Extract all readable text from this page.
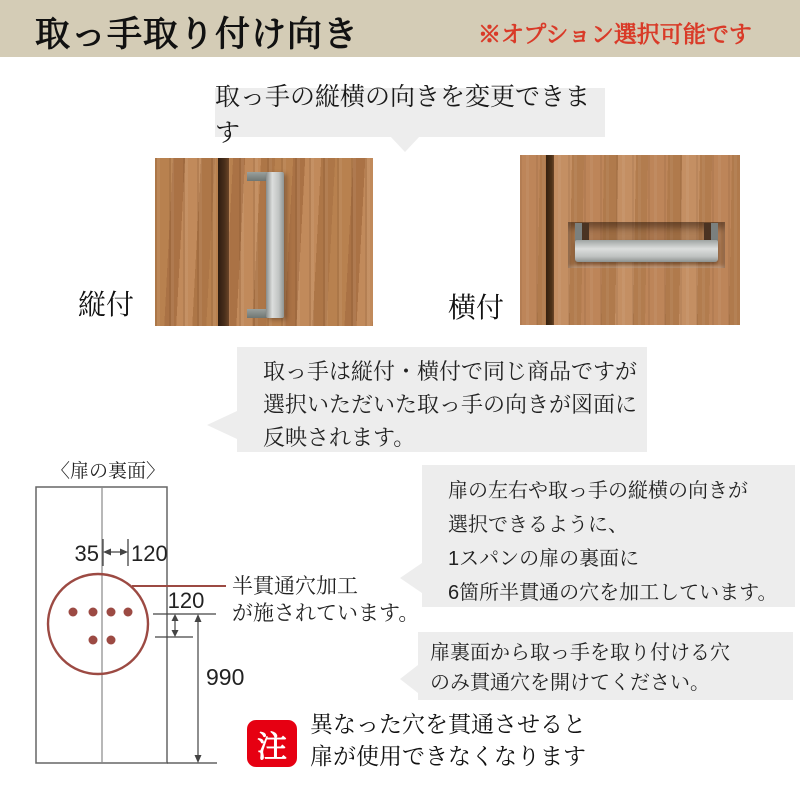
取っ手取り付け向き	※オプション選択可能です
取っ手の縦横の向きを変更できます
縦付	横付
取っ手は縦付・横付で同じ商品ですが
選択いただいた取っ手の向きが図面に
反映されます。
〈扉の裏面〉
35 120
半貫通穴加工
が施されています。
120
990
扉の左右や取っ手の縦横の向きが
選択できるように、
1スパンの扉の裏面に
6箇所半貫通の穴を加工しています。
扉裏面から取っ手を取り付ける穴
のみ貫通穴を開けてください。
注
異なった穴を貫通させると
扉が使用できなくなります
